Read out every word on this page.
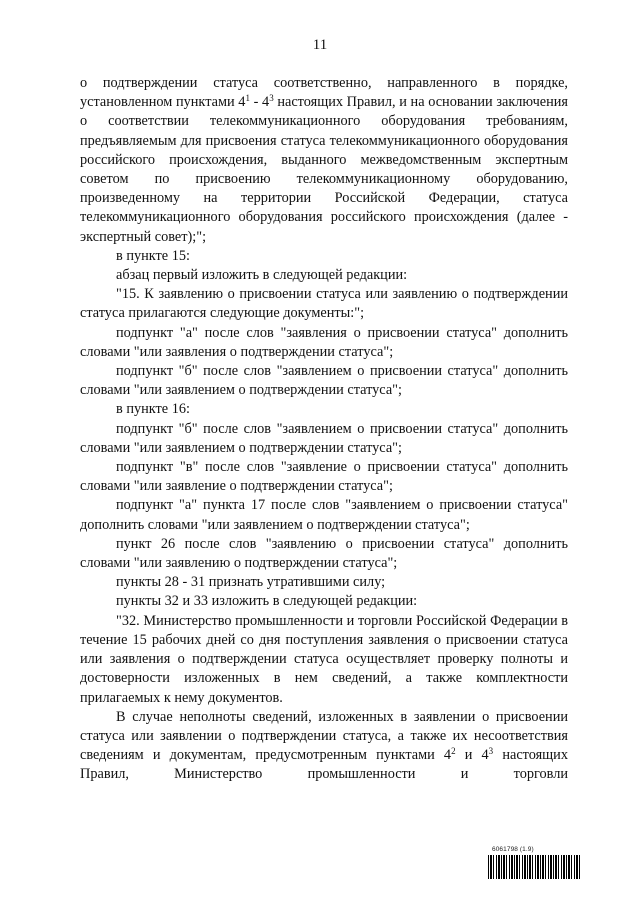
11

о подтверждении статуса соответственно, направленного в порядке, установленном пунктами $4^1 - 4^3$ настоящих Правил, и на основании заключения о соответствии телекоммуникационного оборудования требованиям, предъявляемым для присвоения статуса телекоммуникационного оборудования российского происхождения, выданного межведомственным экспертным советом по присвоению телекоммуникационному оборудованию, произведенному на территории Российской Федерации, статуса телекоммуникационного оборудования российского происхождения (далее - экспертный совет);";

в пункте 15:

абзац первый изложить в следующей редакции:

"15. К заявлению о присвоении статуса или заявлению о подтверждении статуса прилагаются следующие документы:";

подпункт "а" после слов "заявления о присвоении статуса" дополнить словами "или заявления о подтверждении статуса";

подпункт "б" после слов "заявлением о присвоении статуса" дополнить словами "или заявлением о подтверждении статуса";

в пункте 16:

подпункт "б" после слов "заявлением о присвоении статуса" дополнить словами "или заявлением о подтверждении статуса";

подпункт "в" после слов "заявление о присвоении статуса" дополнить словами "или заявление о подтверждении статуса";

подпункт "а" пункта 17 после слов "заявлением о присвоении статуса" дополнить словами "или заявлением о подтверждении статуса";

пункт 26 после слов "заявлению о присвоении статуса" дополнить словами "или заявлению о подтверждении статуса";

пункты 28 - 31 признать утратившими силу;

пункты 32 и 33 изложить в следующей редакции:

"32. Министерство промышленности и торговли Российской Федерации в течение 15 рабочих дней со дня поступления заявления о присвоении статуса или заявления о подтверждении статуса осуществляет проверку полноты и достоверности изложенных в нем сведений, а также комплектности прилагаемых к нему документов.

В случае неполноты сведений, изложенных в заявлении о присвоении статуса или заявлении о подтверждении статуса, а также их несоответствия сведениям и документам, предусмотренным пунктами $4^2$ и $4^3$ настоящих Правил, Министерство промышленности и торговли

6061798 (1.9)
